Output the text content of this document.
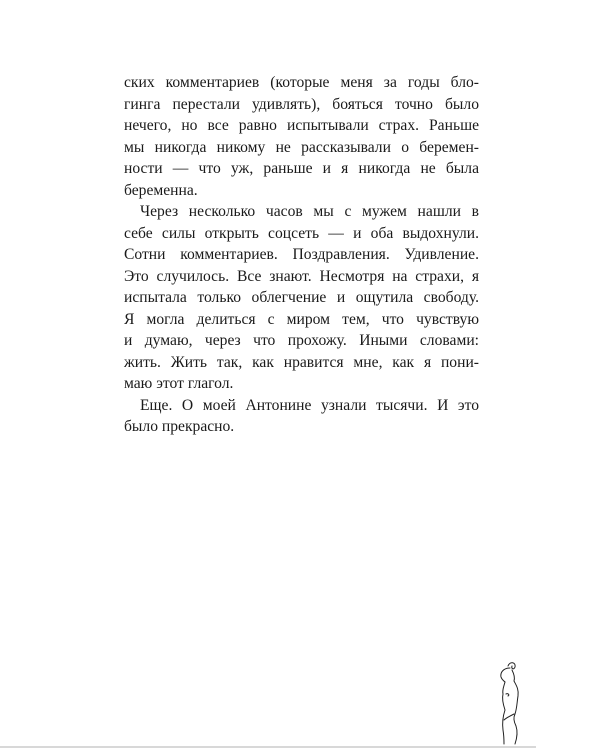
ских комментариев (которые меня за годы бло-
гинга перестали удивлять), бояться точно было
нечего, но все равно испытывали страх. Раньше
мы никогда никому не рассказывали о беремен-
ности — что уж, раньше и я никогда не была
беременна.
Через несколько часов мы с мужем нашли в
себе силы открыть соцсеть — и оба выдохнули.
Сотни комментариев. Поздравления. Удивление.
Это случилось. Все знают. Несмотря на страхи, я
испытала только облегчение и ощутила свободу.
Я могла делиться с миром тем, что чувствую
и думаю, через что прохожу. Иными словами:
жить. Жить так, как нравится мне, как я пони-
маю этот глагол.
Еще. О моей Антонине узнали тысячи. И это
было прекрасно.
